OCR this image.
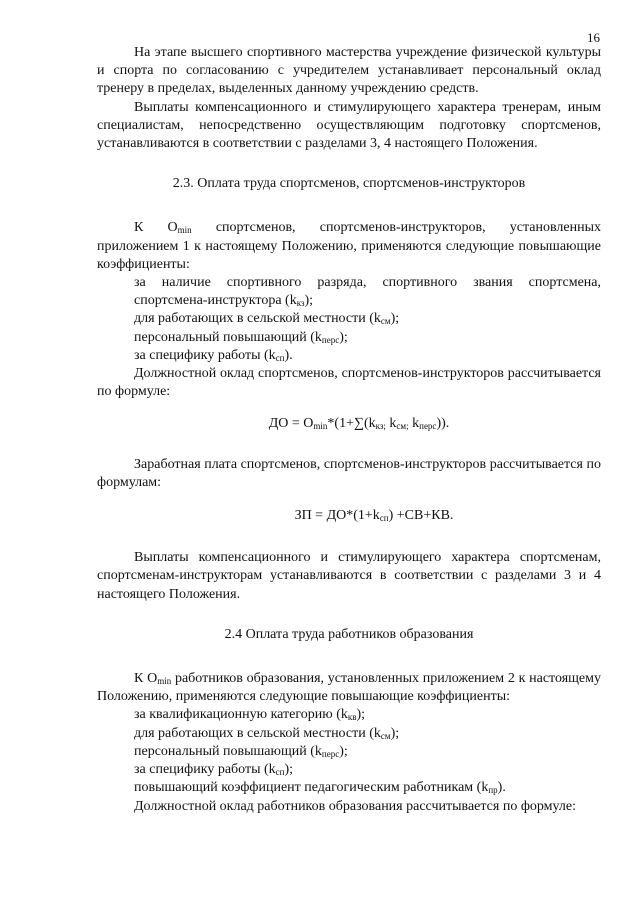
16

На этапе высшего спортивного мастерства учреждение физической культуры и спорта по согласованию с учредителем устанавливает персональный оклад тренеру в пределах, выделенных данному учреждению средств.

Выплаты компенсационного и стимулирующего характера тренерам, иным специалистам, непосредственно осуществляющим подготовку спортсменов, устанавливаются в соответствии с разделами 3, 4 настоящего Положения.

2.3. Оплата труда спортсменов, спортсменов-инструкторов

К $О_{min}$ спортсменов, спортсменов-инструкторов, установленных приложением 1 к настоящему Положению, применяются следующие повышающие коэффициенты:

за наличие спортивного разряда, спортивного звания спортсмена, спортсмена-инструктора $(k_{кз})$;

для работающих в сельской местности $(k_{см})$;

персональный повышающий $(k_{перс})$;

за специфику работы $(k_{сп})$.

Должностной оклад спортсменов, спортсменов-инструкторов рассчитывается по формуле:

ДО = $О_{min}*(1+\sum(k_{кз;}$ $k_{см;}$ $k_{перс}$)).

Заработная плата спортсменов, спортсменов-инструкторов рассчитывается по формулам:

ЗП = $ДО*(1+k_{сп}) +СВ+КВ$.

Выплаты компенсационного и стимулирующего характера спортсменам, спортсменам-инструкторам устанавливаются в соответствии с разделами 3 и 4 настоящего Положения.

2.4 Оплата труда работников образования

К $О_{min}$ работников образования, установленных приложением 2 к настоящему Положению, применяются следующие повышающие коэффициенты:

за квалификационную категорию $(k_{кв})$;

для работающих в сельской местности $(k_{см})$;

персональный повышающий $(k_{перс})$;

за специфику работы $(k_{сп})$;

повышающий коэффициент педагогическим работникам $(k_{пр})$.

Должностной оклад работников образования рассчитывается по формуле:
